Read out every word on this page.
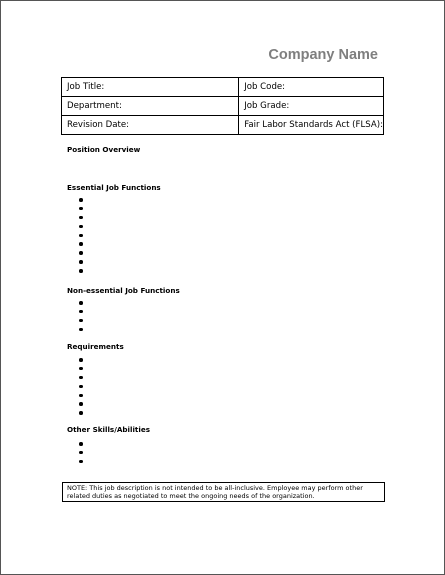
Company Name
Job Title:	Job Code:
Department:	Job Grade:
Revision Date:	Fair Labor Standards Act (FLSA):
Position Overview
Essential Job Functions
Non-essential Job Functions
Requirements
Other Skills/Abilities
NOTE: This job description is not intended to be all-inclusive. Employee may perform other related duties as negotiated to meet the ongoing needs of the organization.
